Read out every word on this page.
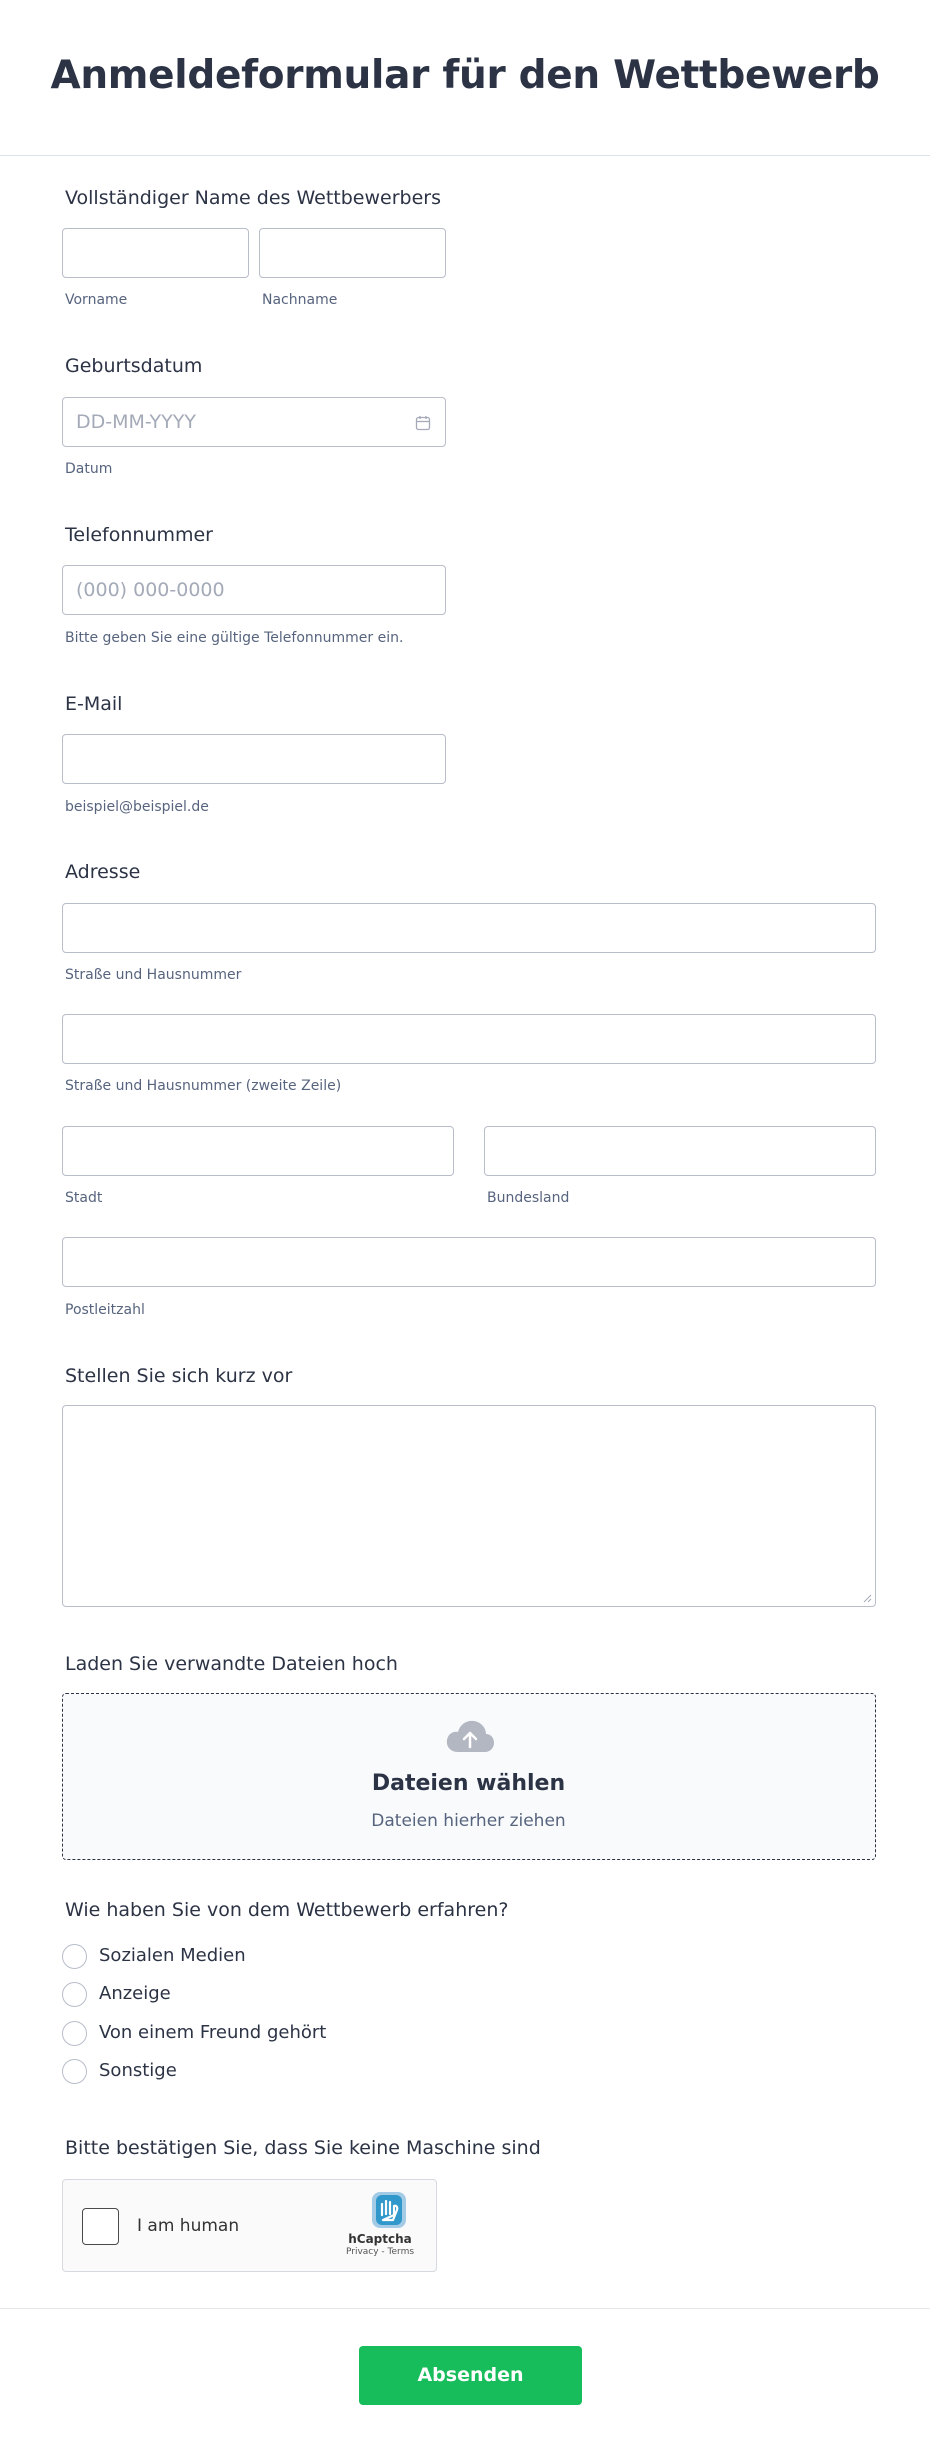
Anmeldeformular für den Wettbewerb
Vollständiger Name des Wettbewerbers
Vorname	Nachname
Geburtsdatum
DD-MM-YYYY
Datum
Telefonnummer
(000) 000-0000
Bitte geben Sie eine gültige Telefonnummer ein.
E-Mail
beispiel@beispiel.de
Adresse
Straße und Hausnummer
Straße und Hausnummer (zweite Zeile)
Stadt	Bundesland
Postleitzahl
Stellen Sie sich kurz vor
Laden Sie verwandte Dateien hoch
Dateien wählen
Dateien hierher ziehen
Wie haben Sie von dem Wettbewerb erfahren?
Sozialen Medien
Anzeige
Von einem Freund gehört
Sonstige
Bitte bestätigen Sie, dass Sie keine Maschine sind
I am human
hCaptcha
Privacy - Terms
Absenden
